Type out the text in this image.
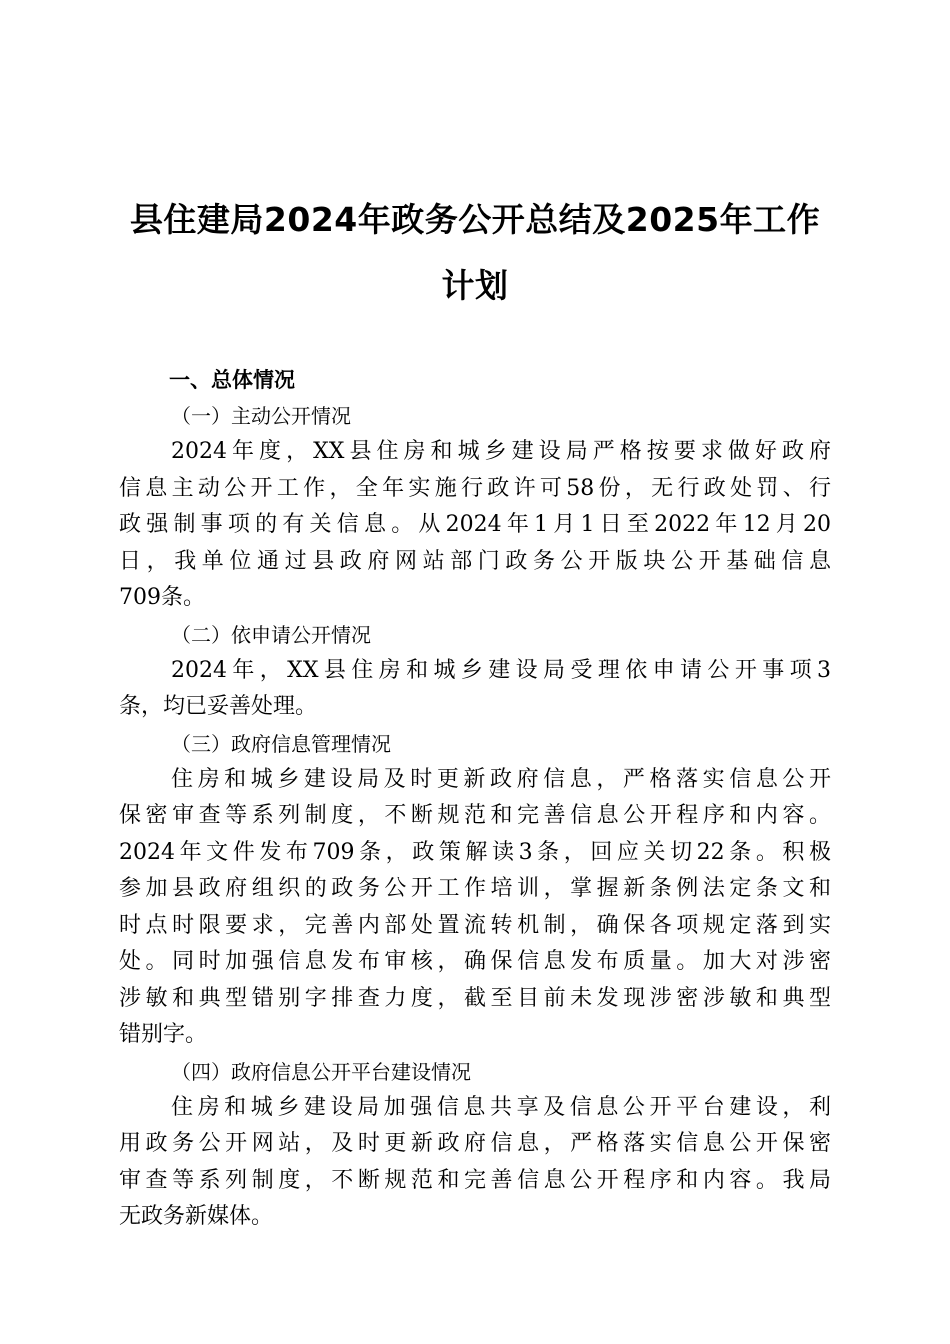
县住建局2024年政务公开总结及2025年工作
计划

一、总体情况

（一）主动公开情况

2024年度，XX县住房和城乡建设局严格按要求做好政府
信息主动公开工作，全年实施行政许可58份，无行政处罚、行
政强制事项的有关信息。从2024年1月1日至2022年12月20
日，我单位通过县政府网站部门政务公开版块公开基础信息
709条。

（二）依申请公开情况

2024年，XX县住房和城乡建设局受理依申请公开事项3
条，均已妥善处理。

（三）政府信息管理情况

住房和城乡建设局及时更新政府信息，严格落实信息公开
保密审查等系列制度，不断规范和完善信息公开程序和内容。
2024年文件发布709条，政策解读3条，回应关切22条。积极
参加县政府组织的政务公开工作培训，掌握新条例法定条文和
时点时限要求，完善内部处置流转机制，确保各项规定落到实
处。同时加强信息发布审核，确保信息发布质量。加大对涉密
涉敏和典型错别字排查力度，截至目前未发现涉密涉敏和典型
错别字。

（四）政府信息公开平台建设情况

住房和城乡建设局加强信息共享及信息公开平台建设，利
用政务公开网站，及时更新政府信息，严格落实信息公开保密
审查等系列制度，不断规范和完善信息公开程序和内容。我局
无政务新媒体。
